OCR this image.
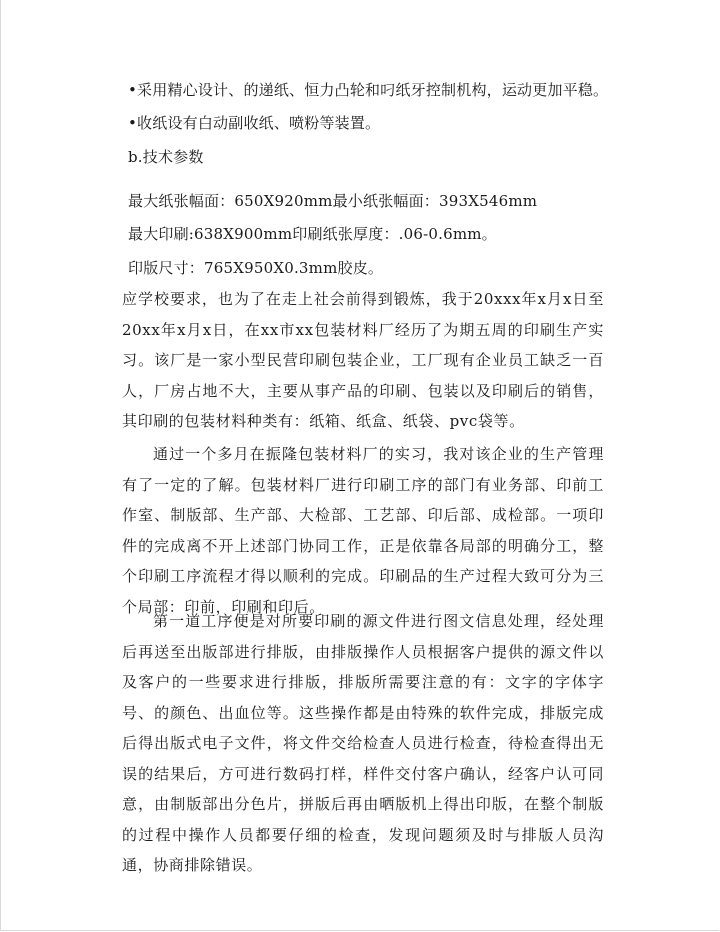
•采用精心设计、的递纸、恒力凸轮和叼纸牙控制机构，运动更加平稳。
•收纸设有白动副收纸、喷粉等装置。
b.技术参数
最大纸张幅面：650X920mm最小纸张幅面：393X546mm
最大印刷:638X900mm印刷纸张厚度：.06-0.6mm。
印版尺寸：765X950X0.3mm胶皮。

应学校要求，也为了在走上社会前得到锻炼，我于20xxx年x月x日至20xx年x月x日，在xx市xx包装材料厂经历了为期五周的印刷生产实习。该厂是一家小型民营印刷包装企业，工厂现有企业员工缺乏一百人，厂房占地不大，主要从事产品的印刷、包装以及印刷后的销售，其印刷的包装材料种类有：纸箱、纸盒、纸袋、pvc袋等。

通过一个多月在振隆包装材料厂的实习，我对该企业的生产管理有了一定的了解。包装材料厂进行印刷工序的部门有业务部、印前工作室、制版部、生产部、大检部、工艺部、印后部、成检部。一项印件的完成离不开上述部门协同工作，正是依靠各局部的明确分工，整个印刷工序流程才得以顺利的完成。印刷品的生产过程大致可分为三个局部：印前，印刷和印后。

第一道工序便是对所要印刷的源文件进行图文信息处理，经处理后再送至出版部进行排版，由排版操作人员根据客户提供的源文件以及客户的一些要求进行排版，排版所需要注意的有：文字的字体字号、的颜色、出血位等。这些操作都是由特殊的软件完成，排版完成后得出版式电子文件，将文件交给检查人员进行检查，待检查得出无误的结果后，方可进行数码打样，样件交付客户确认，经客户认可同意，由制版部出分色片，拼版后再由晒版机上得出印版，在整个制版的过程中操作人员都要仔细的检查，发现问题须及时与排版人员沟通，协商排除错误。
